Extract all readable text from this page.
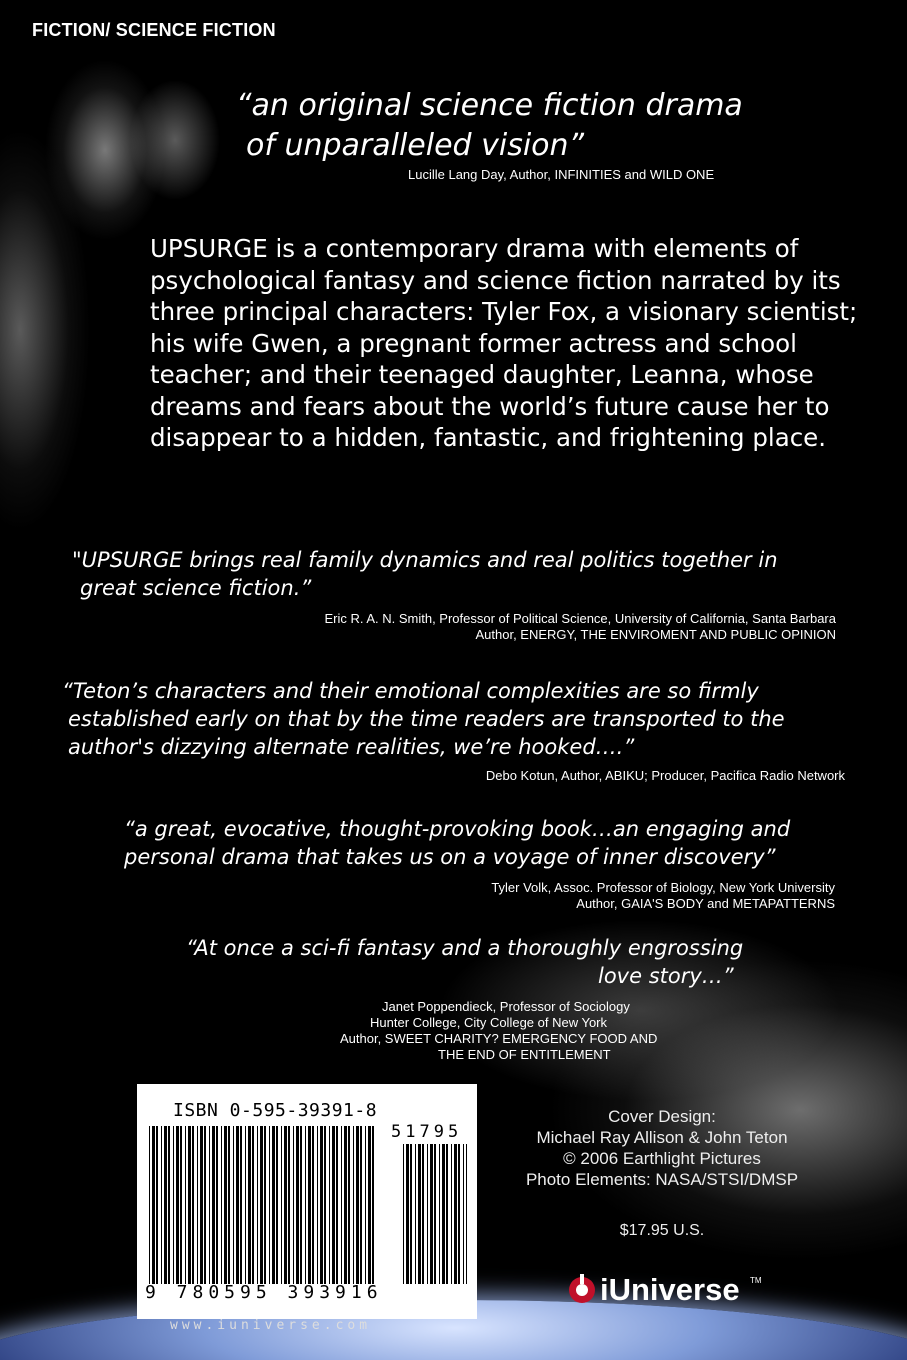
FICTION/ SCIENCE FICTION
“an original science fiction drama
of unparalleled vision”
Lucille Lang Day, Author, INFINITIES and WILD ONE
UPSURGE is a contemporary drama with elements of psychological fantasy and science fiction narrated by its three principal characters: Tyler Fox, a visionary scientist; his wife Gwen, a pregnant former actress and school teacher; and their teenaged daughter, Leanna, whose dreams and fears about the world’s future cause her to disappear to a hidden, fantastic, and frightening place.
"UPSURGE brings real family dynamics and real politics together in
great science fiction.”
Eric R. A. N. Smith, Professor of Political Science, University of California, Santa Barbara
Author, ENERGY, THE ENVIROMENT AND PUBLIC OPINION
“Teton’s characters and their emotional complexities are so firmly
established early on that by the time readers are transported to the
author's dizzying alternate realities, we’re hooked….”
Debo Kotun, Author, ABIKU; Producer, Pacifica Radio Network
“a great, evocative, thought-provoking book…an engaging and
personal drama that takes us on a voyage of inner discovery”
Tyler Volk, Assoc. Professor of Biology, New York University
Author, GAIA'S BODY and METAPATTERNS
“At once a sci-fi fantasy and a thoroughly engrossing
love story…”
Janet Poppendieck, Professor of Sociology
Hunter College, City College of New York
Author, SWEET CHARITY? EMERGENCY FOOD AND
THE END OF ENTITLEMENT
ISBN 0-595-39391-8
51795
9 780595 393916
www.iuniverse.com
Cover Design:
Michael Ray Allison & John Teton
© 2006 Earthlight Pictures
Photo Elements: NASA/STSI/DMSP
$17.95 U.S.
iUniverse TM
